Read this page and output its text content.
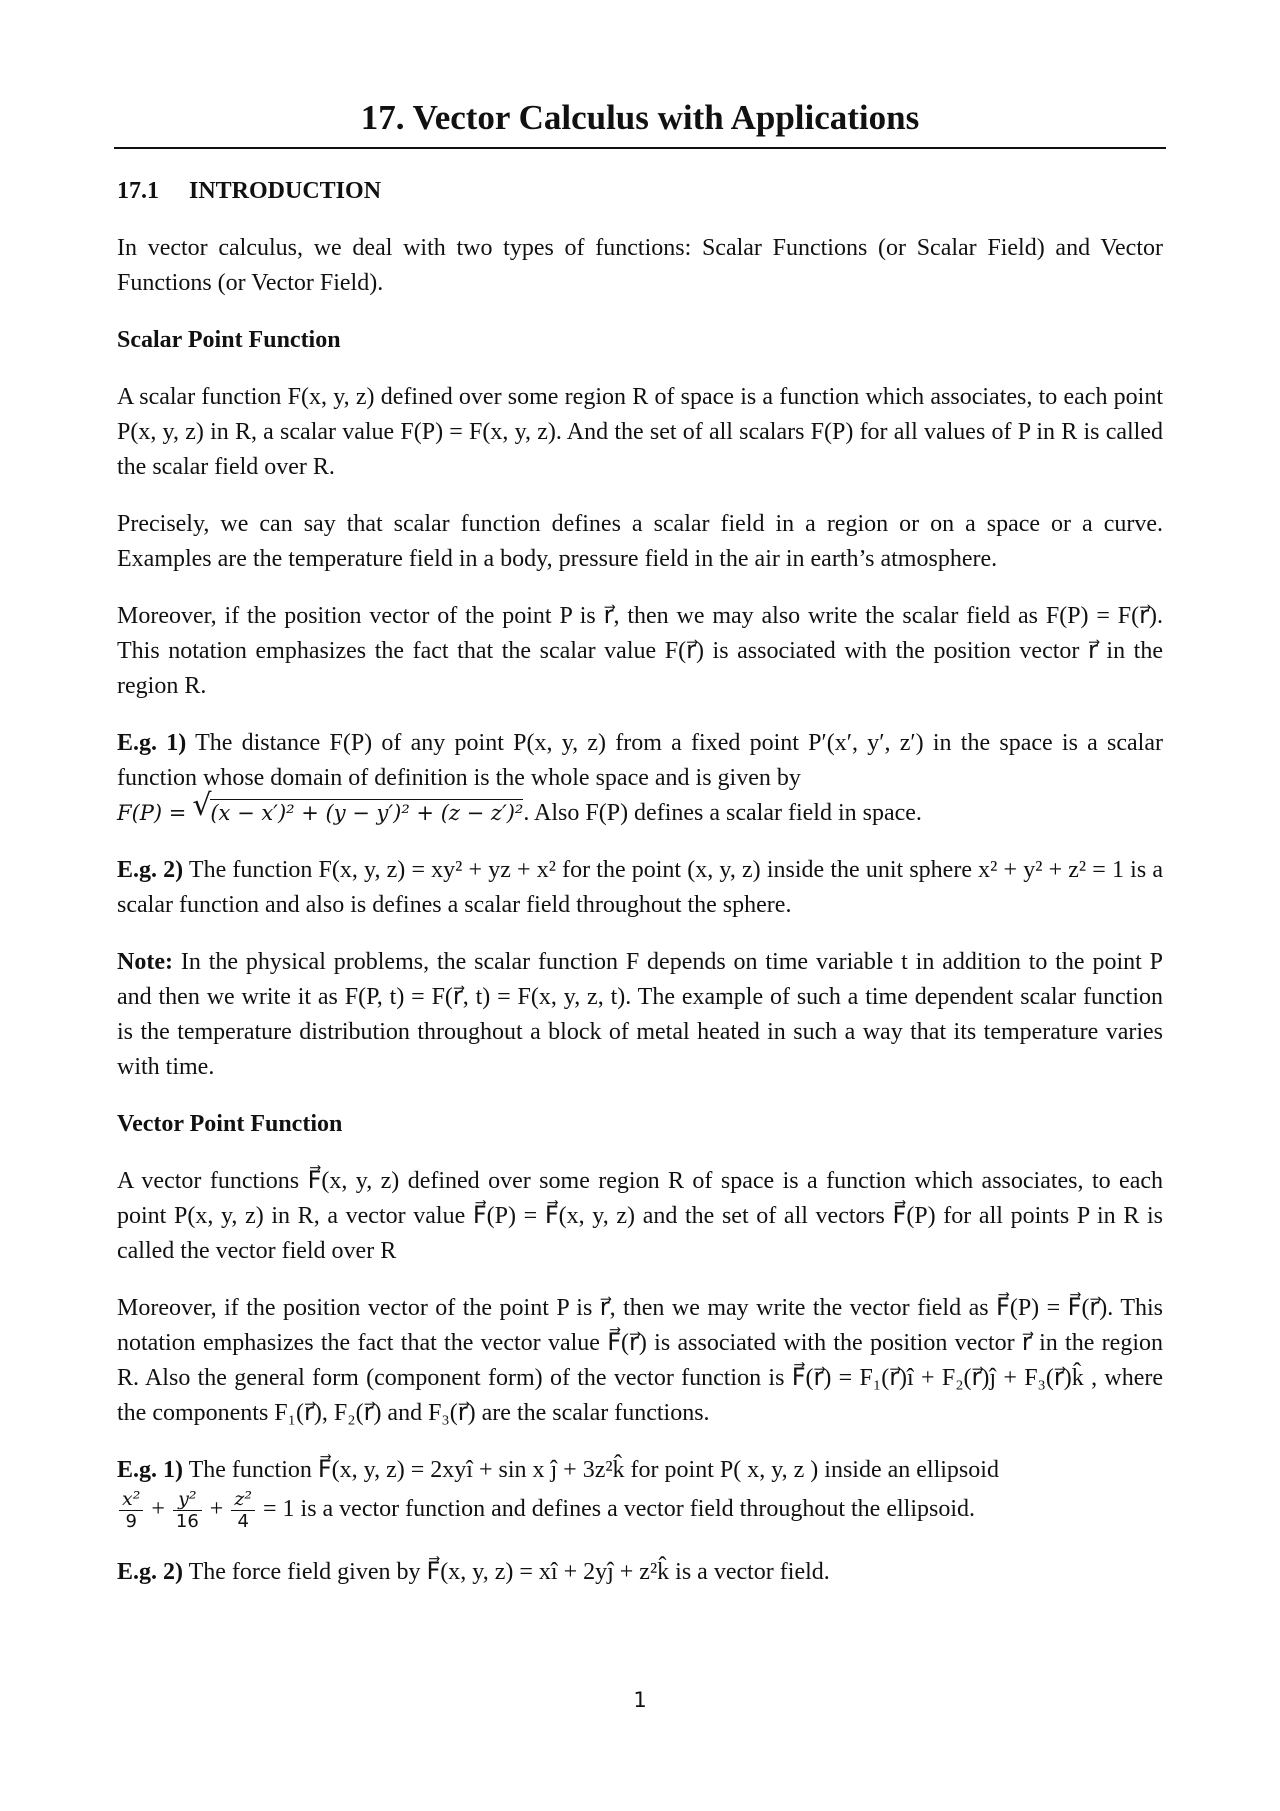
17. Vector Calculus with Applications
17.1 INTRODUCTION

In vector calculus, we deal with two types of functions: Scalar Functions (or Scalar Field) and Vector Functions (or Vector Field).

Scalar Point Function

A scalar function F(x, y, z) defined over some region R of space is a function which associates, to each point P(x, y, z) in R, a scalar value F(P) = F(x, y, z). And the set of all scalars F(P) for all values of P in R is called the scalar field over R.

Precisely, we can say that scalar function defines a scalar field in a region or on a space or a curve. Examples are the temperature field in a body, pressure field in the air in earth’s atmosphere.

Moreover, if the position vector of the point P is r⃗, then we may also write the scalar field as F(P) = F(r⃗). This notation emphasizes the fact that the scalar value F(r⃗) is associated with the position vector r⃗ in the region R.

E.g. 1) The distance F(P) of any point P(x, y, z) from a fixed point P′(x′, y′, z′) in the space is a scalar function whose domain of definition is the whole space and is given by
F(P) = √
(x − x′)² + (y − y′)² + (z − z′)². Also F(P) defines a scalar field in space.

E.g. 2) The function F(x, y, z) = xy² + yz + x² for the point (x, y, z) inside the unit sphere x² + y² + z² = 1 is a scalar function and also is defines a scalar field throughout the sphere.

Note: In the physical problems, the scalar function F depends on time variable t in addition to the point P and then we write it as F(P, t) = F(r⃗, t) = F(x, y, z, t). The example of such a time dependent scalar function is the temperature distribution throughout a block of metal heated in such a way that its temperature varies with time.

Vector Point Function

A vector functions F⃗(x, y, z) defined over some region R of space is a function which associates, to each point P(x, y, z) in R, a vector value F⃗(P) = F⃗(x, y, z) and the set of all vectors F⃗(P) for all points P in R is called the vector field over R

Moreover, if the position vector of the point P is r⃗, then we may write the vector field as F⃗(P) = F⃗(r⃗). This notation emphasizes the fact that the vector value F⃗(r⃗) is associated with the position vector r⃗ in the region R. Also the general form (component form) of the vector function is F⃗(r⃗) = F₁(r⃗)î + F₂(r⃗)ĵ + F₃(r⃗)k̂ , where the components F₁(r⃗), F₂(r⃗) and F₃(r⃗) are the scalar functions.

E.g. 1) The function F⃗(x, y, z) = 2xyî + sin x ĵ + 3z²k̂ for point P( x, y, z ) inside an ellipsoid

$\frac{\text{x²}}{9} + \frac{\text{y²}}{16} + \frac{\text{z²}}{4} = 1$ is a vector function and defines a vector field throughout the ellipsoid.

E.g. 2) The force field given by F⃗(x, y, z) = xî + 2yĵ + z²k̂ is a vector field.

1
